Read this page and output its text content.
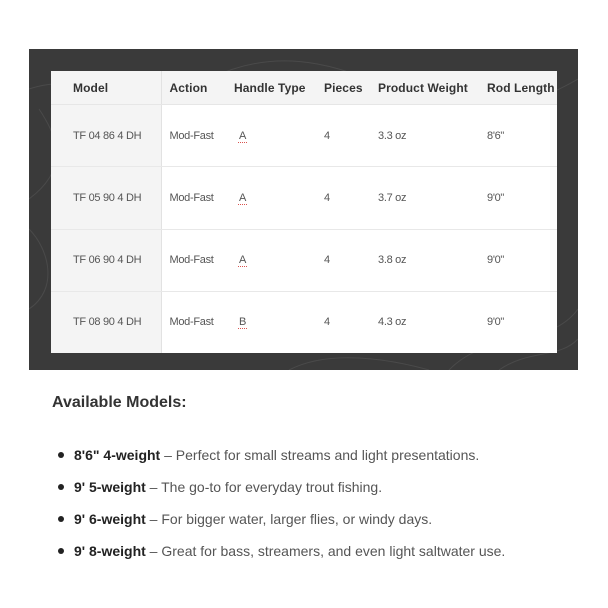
Model	Action	Handle Type	Pieces	Product Weight	Rod Length
TF 04 86 4 DH	Mod-Fast	A	4	3.3 oz	8'6"
TF 05 90 4 DH	Mod-Fast	A	4	3.7 oz	9'0"
TF 06 90 4 DH	Mod-Fast	A	4	3.8 oz	9'0"
TF 08 90 4 DH	Mod-Fast	B	4	4.3 oz	9'0"
Available Models:
8'6" 4-weight – Perfect for small streams and light presentations.
9' 5-weight – The go-to for everyday trout fishing.
9' 6-weight – For bigger water, larger flies, or windy days.
9' 8-weight – Great for bass, streamers, and even light saltwater use.
